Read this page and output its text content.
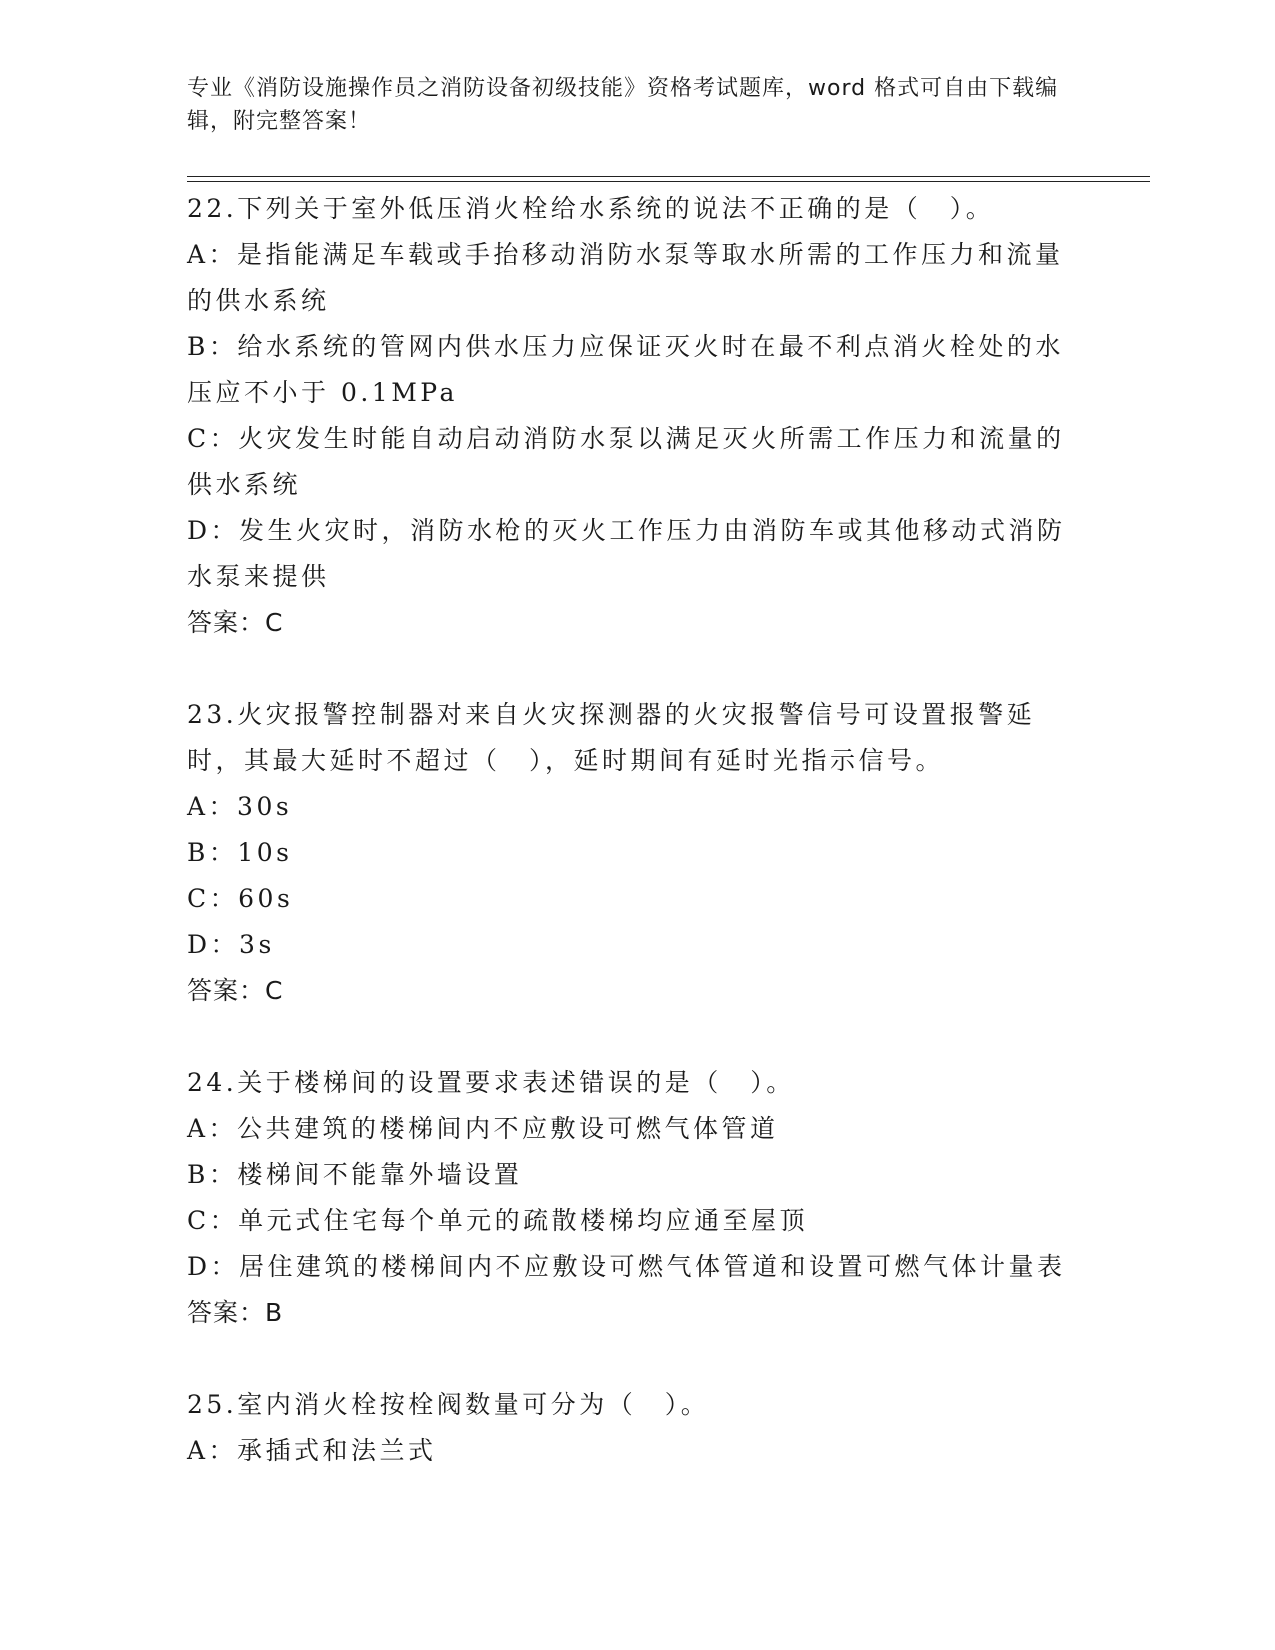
专业《消防设施操作员之消防设备初级技能》资格考试题库，word 格式可自由下载编辑，附完整答案！

22.下列关于室外低压消火栓给水系统的说法不正确的是（　）。

A：是指能满足车载或手抬移动消防水泵等取水所需的工作压力和流量的供水系统

B：给水系统的管网内供水压力应保证灭火时在最不利点消火栓处的水压应不小于 0.1MPa

C：火灾发生时能自动启动消防水泵以满足灭火所需工作压力和流量的供水系统

D：发生火灾时，消防水枪的灭火工作压力由消防车或其他移动式消防水泵来提供

答案：C

23.火灾报警控制器对来自火灾探测器的火灾报警信号可设置报警延时，其最大延时不超过（　），延时期间有延时光指示信号。

A：30s

B：10s

C：60s

D：3s

答案：C

24.关于楼梯间的设置要求表述错误的是（　）。

A：公共建筑的楼梯间内不应敷设可燃气体管道

B：楼梯间不能靠外墙设置

C：单元式住宅每个单元的疏散楼梯均应通至屋顶

D：居住建筑的楼梯间内不应敷设可燃气体管道和设置可燃气体计量表

答案：B

25.室内消火栓按栓阀数量可分为（　）。

A：承插式和法兰式
